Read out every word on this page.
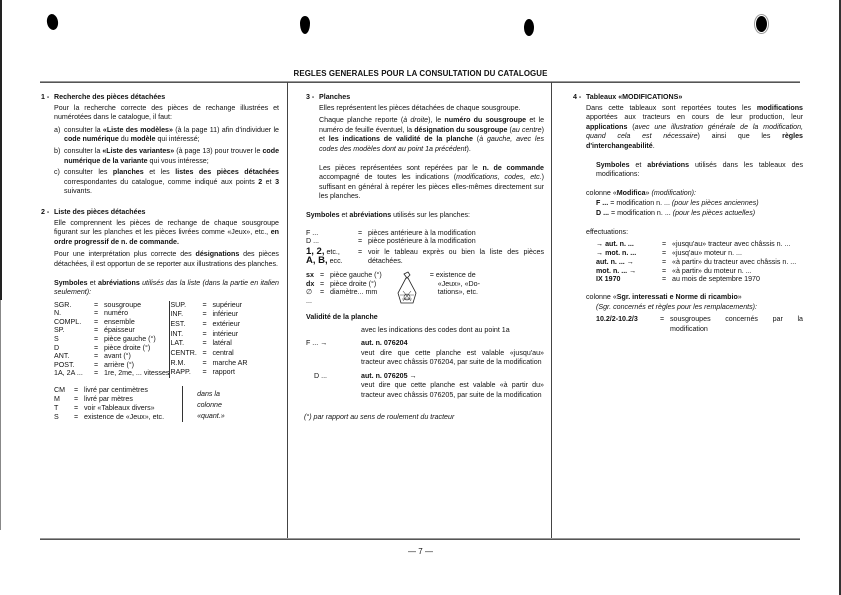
REGLES GENERALES POUR LA CONSULTATION DU CATALOGUE
— 7 —
1 - Recherche des pièces détachées

Pour la recherche correcte des pièces de rechange illustrées et numérotées dans le catalogue, il faut:

a) consulter la «Liste des modèles» (à la page 11) afin d'individuer le code numérique du modèle qui intéressé;
b) consulter la «Liste des variantes» (à page 13) pour trouver le code numérique de la variante qui vous intéresse;
c) consulter les planches et les listes des pièces détachées correspondantes du catalogue, comme indiqué aux points 2 et 3 suivants.
2 - Liste des pièces détachées

Elle comprennent les pièces de rechange de chaque sousgroupe figurant sur les planches et les pièces livrées comme «Jeux», etc., en ordre progressif de n. de commande.

Pour une interprétation plus correcte des désignations des pièces détachées, il est opportun de se reporter aux illustrations des planches.

Symboles et abréviations utilisés das la liste (dans la partie en italien seulement):

SGR.	=	sousgroupe
N.	=	numéro
COMPL.	=	ensemble
SP.	=	épaisseur
S	=	pièce gauche (°)
D	=	pièce droite (°)
ANT.	=	avant (°)
POST.	=	arrière (°)
1A, 2A ...	=	1re, 2me, ... vitesses
SUP.	=	supérieur
INF.	=	inférieur
EST.	=	extérieur
INT.	=	intérieur
LAT.	=	latéral
CENTR.	=	central
R.M.	=	marche AR
RAPP.	=	rapport
CM	=	livré par centimètres
M	=	livré par mètres
T	=	voir «Tableaux divers»
S	=	existence de «Jeux», etc.
dans la
colonne
«quant.»
3 - Planches

Elles représentent les pièces détachées de chaque sousgroupe.

Chaque planche reporte (à droite), le numéro du sousgroupe et le numéro de feuille éventuel, la désignation du sousgroupe (au centre) et les indications de validité de la planche (à gauche, avec les codes des modèles dont au point 1a précédent).

Les pièces représentées sont repérées par le n. de commande accompagné de toutes les indications (modifications, codes, etc.) suffisant en général à repérer les pièces elles-mêmes directement sur les planches.

Symboles et abréviations utilisés sur les planches:

F ...	=	pièces antérieure à la modification
D ...	=	pièce postérieure à la modification
1, 2, etc.,
A, B, ecc.	=	voir le tableau exprès ou bien la liste des pièces détachées.
sx	=	pièce gauche (°)
dx	=	pièce droite (°)
∅ ...	=	diamètre... mm
= existence de
«Jeux», «Do-
tations», etc.

Validité de la planche

avec les indications des codes dont au point 1a
F ... →	aut. n. 076204
veut dire que cette planche est valable «jusqu'au» tracteur avec châssis 076204, par suite de la modification
D ...	aut. n. 076205 →
veut dire que cette planche est valable «à partir du» tracteur avec châssis 076205, par suite de la modification

(°) par rapport au sens de roulement du tracteur

4 - Tableaux «MODIFICATIONS»

Dans cette tableaux sont reportées toutes les modifications apportées aux tracteurs en cours de leur production, leur applications (avec une illustration générale de la modification, quand cela est nécessaire) ainsi que les règles d'interchangeabilité.

Symboles et abréviations utilisés dans les tableaux des modifications:

colonne «Modifica» (modification):

F ... = modification n. ... (pour les pièces anciennes)
D ... = modification n. ... (pour les pièces actuelles)

effectuations:

→ aut. n. ...	=	«jusqu'au» tracteur avec châssis n. ...
→ mot. n. ...	=	«jusq'au» moteur n. ...
aut. n. ... →	=	«à partir» du tracteur avec châssis n. ...
mot. n. ... →	=	«à partir» du moteur n. ...
IX 1970	=	au mois de septembre 1970

colonne «Sgr. interessati e Norme di ricambio»

(Sgr. concernés et règles pour les remplacements):

10.2/2-10.2/3	= sousgroupes concernés par la modification
